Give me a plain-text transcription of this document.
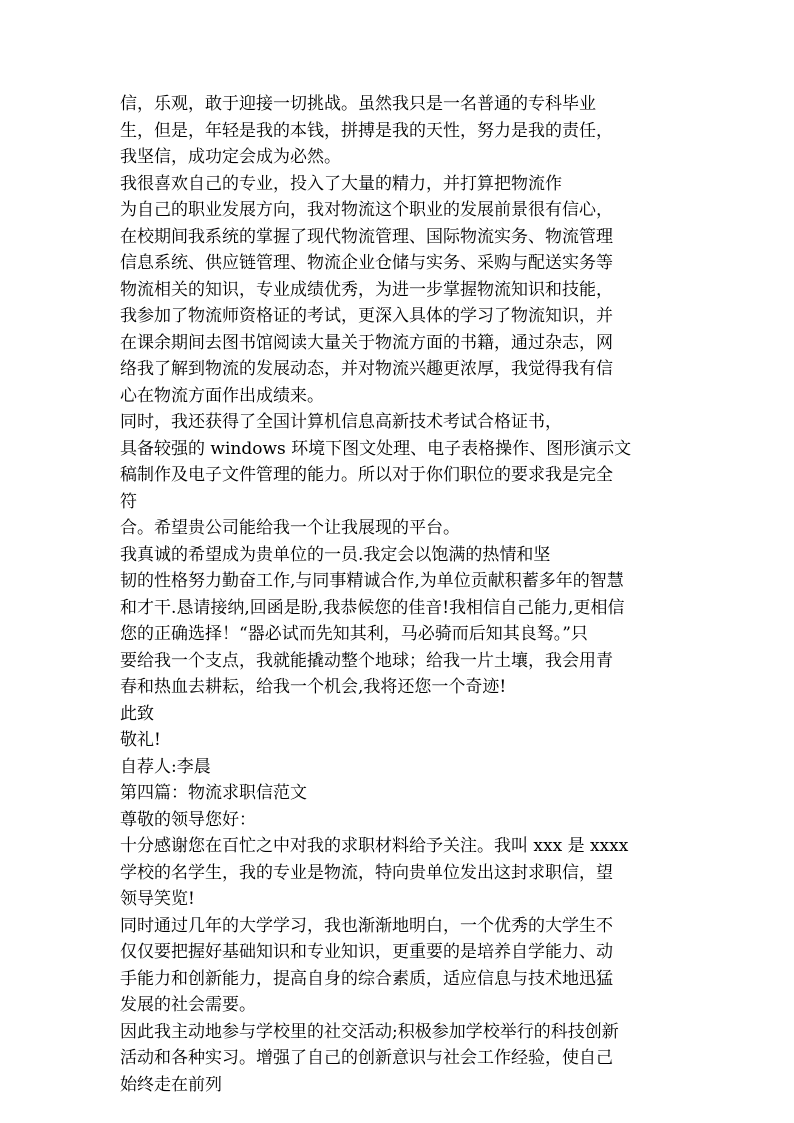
信，乐观，敢于迎接一切挑战。虽然我只是一名普通的专科毕业
生，但是，年轻是我的本钱，拼搏是我的天性，努力是我的责任，
我坚信，成功定会成为必然。
我很喜欢自己的专业，投入了大量的精力，并打算把物流作
为自己的职业发展方向，我对物流这个职业的发展前景很有信心，
在校期间我系统的掌握了现代物流管理、国际物流实务、物流管理
信息系统、供应链管理、物流企业仓储与实务、采购与配送实务等
物流相关的知识，专业成绩优秀，为进一步掌握物流知识和技能，
我参加了物流师资格证的考试，更深入具体的学习了物流知识，并
在课余期间去图书馆阅读大量关于物流方面的书籍，通过杂志，网
络我了解到物流的发展动态，并对物流兴趣更浓厚，我觉得我有信
心在物流方面作出成绩来。
同时，我还获得了全国计算机信息高新技术考试合格证书，
具备较强的 windows 环境下图文处理、电子表格操作、图形演示文
稿制作及电子文件管理的能力。所以对于你们职位的要求我是完全
符
合。希望贵公司能给我一个让我展现的平台。
我真诚的希望成为贵单位的一员.我定会以饱满的热情和坚
韧的性格努力勤奋工作,与同事精诚合作,为单位贡献积蓄多年的智慧
和才干.恳请接纳,回函是盼,我恭候您的佳音!我相信自己能力,更相信
您的正确选择！“器必试而先知其利，马必骑而后知其良驽。”只
要给我一个支点，我就能撬动整个地球；给我一片土壤，我会用青
春和热血去耕耘，给我一个机会,我将还您一个奇迹!
此致
敬礼!
自荐人:李晨
第四篇：物流求职信范文
尊敬的领导您好：
十分感谢您在百忙之中对我的求职材料给予关注。我叫 xxx 是 xxxx
学校的名学生，我的专业是物流，特向贵单位发出这封求职信，望
领导笑览!
同时通过几年的大学学习，我也渐渐地明白，一个优秀的大学生不
仅仅要把握好基础知识和专业知识，更重要的是培养自学能力、动
手能力和创新能力，提高自身的综合素质，适应信息与技术地迅猛
发展的社会需要。
因此我主动地参与学校里的社交活动;积极参加学校举行的科技创新
活动和各种实习。增强了自己的创新意识与社会工作经验，使自己
始终走在前列
